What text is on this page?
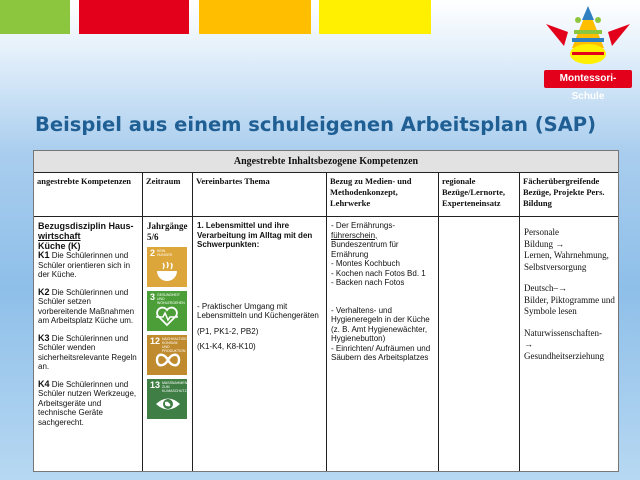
Montessori-Schule
Beispiel aus einem schuleigenen Arbeitsplan (SAP)
Angestrebte Inhaltsbezogene Kompetenzen
angestrebte Kompetenzen
Bezugsdisziplin Haus-
wirtschaft
Küche (K)
K1 Die Schülerinnen und Schüler orientieren sich in der Küche.
K2 Die Schülerinnen und Schüler setzen vorbereitende Maßnahmen am Arbeitsplatz Küche um.
K3 Die Schülerinnen und Schüler wenden sicherheitsrelevante Regeln an.
K4 Die Schülerinnen und Schüler nutzen Werkzeuge, Arbeitsgeräte und technische Geräte sachgerecht.
Zeitraum
Jahrgänge
5/6
2 KEIN HUNGER
3 GESUNDHEIT UND WOHLERGEHEN
12 NACHHALTIGE/R KONSUM UND PRODUKTION
13 MASSNAHMEN ZUM KLIMASCHUTZ
Vereinbartes Thema
1. Lebensmittel und ihre Verarbeitung im Alltag mit den Schwerpunkten:
- Praktischer Umgang mit Lebensmitteln und Küchengeräten
(P1, PK1-2, PB2)
(K1-K4, K8-K10)
Bezug zu Medien- und Methodenkonzept, Lehrwerke
- Der Ernährungs-
führerschein, Bundeszentrum für Ernährung
- Montes Kochbuch
- Kochen nach Fotos Bd. 1
- Backen nach Fotos
- Verhaltens- und Hygieneregeln in der Küche (z. B. Amt Hygienewächter, Hygienebutton)
- Einrichten/ Aufräumen und Säubern des Arbeitsplatzes
regionale Bezüge/Lernorte, Experteneinsatz
Fächerübergreifende Bezüge, Projekte Pers. Bildung
Personale
Bildung →
Lernen, Wahrnehmung, Selbstversorgung
Deutsch–→
Bilder, Piktogramme und Symbole lesen
Naturwissenschaften-
→
Gesundheitserziehung
